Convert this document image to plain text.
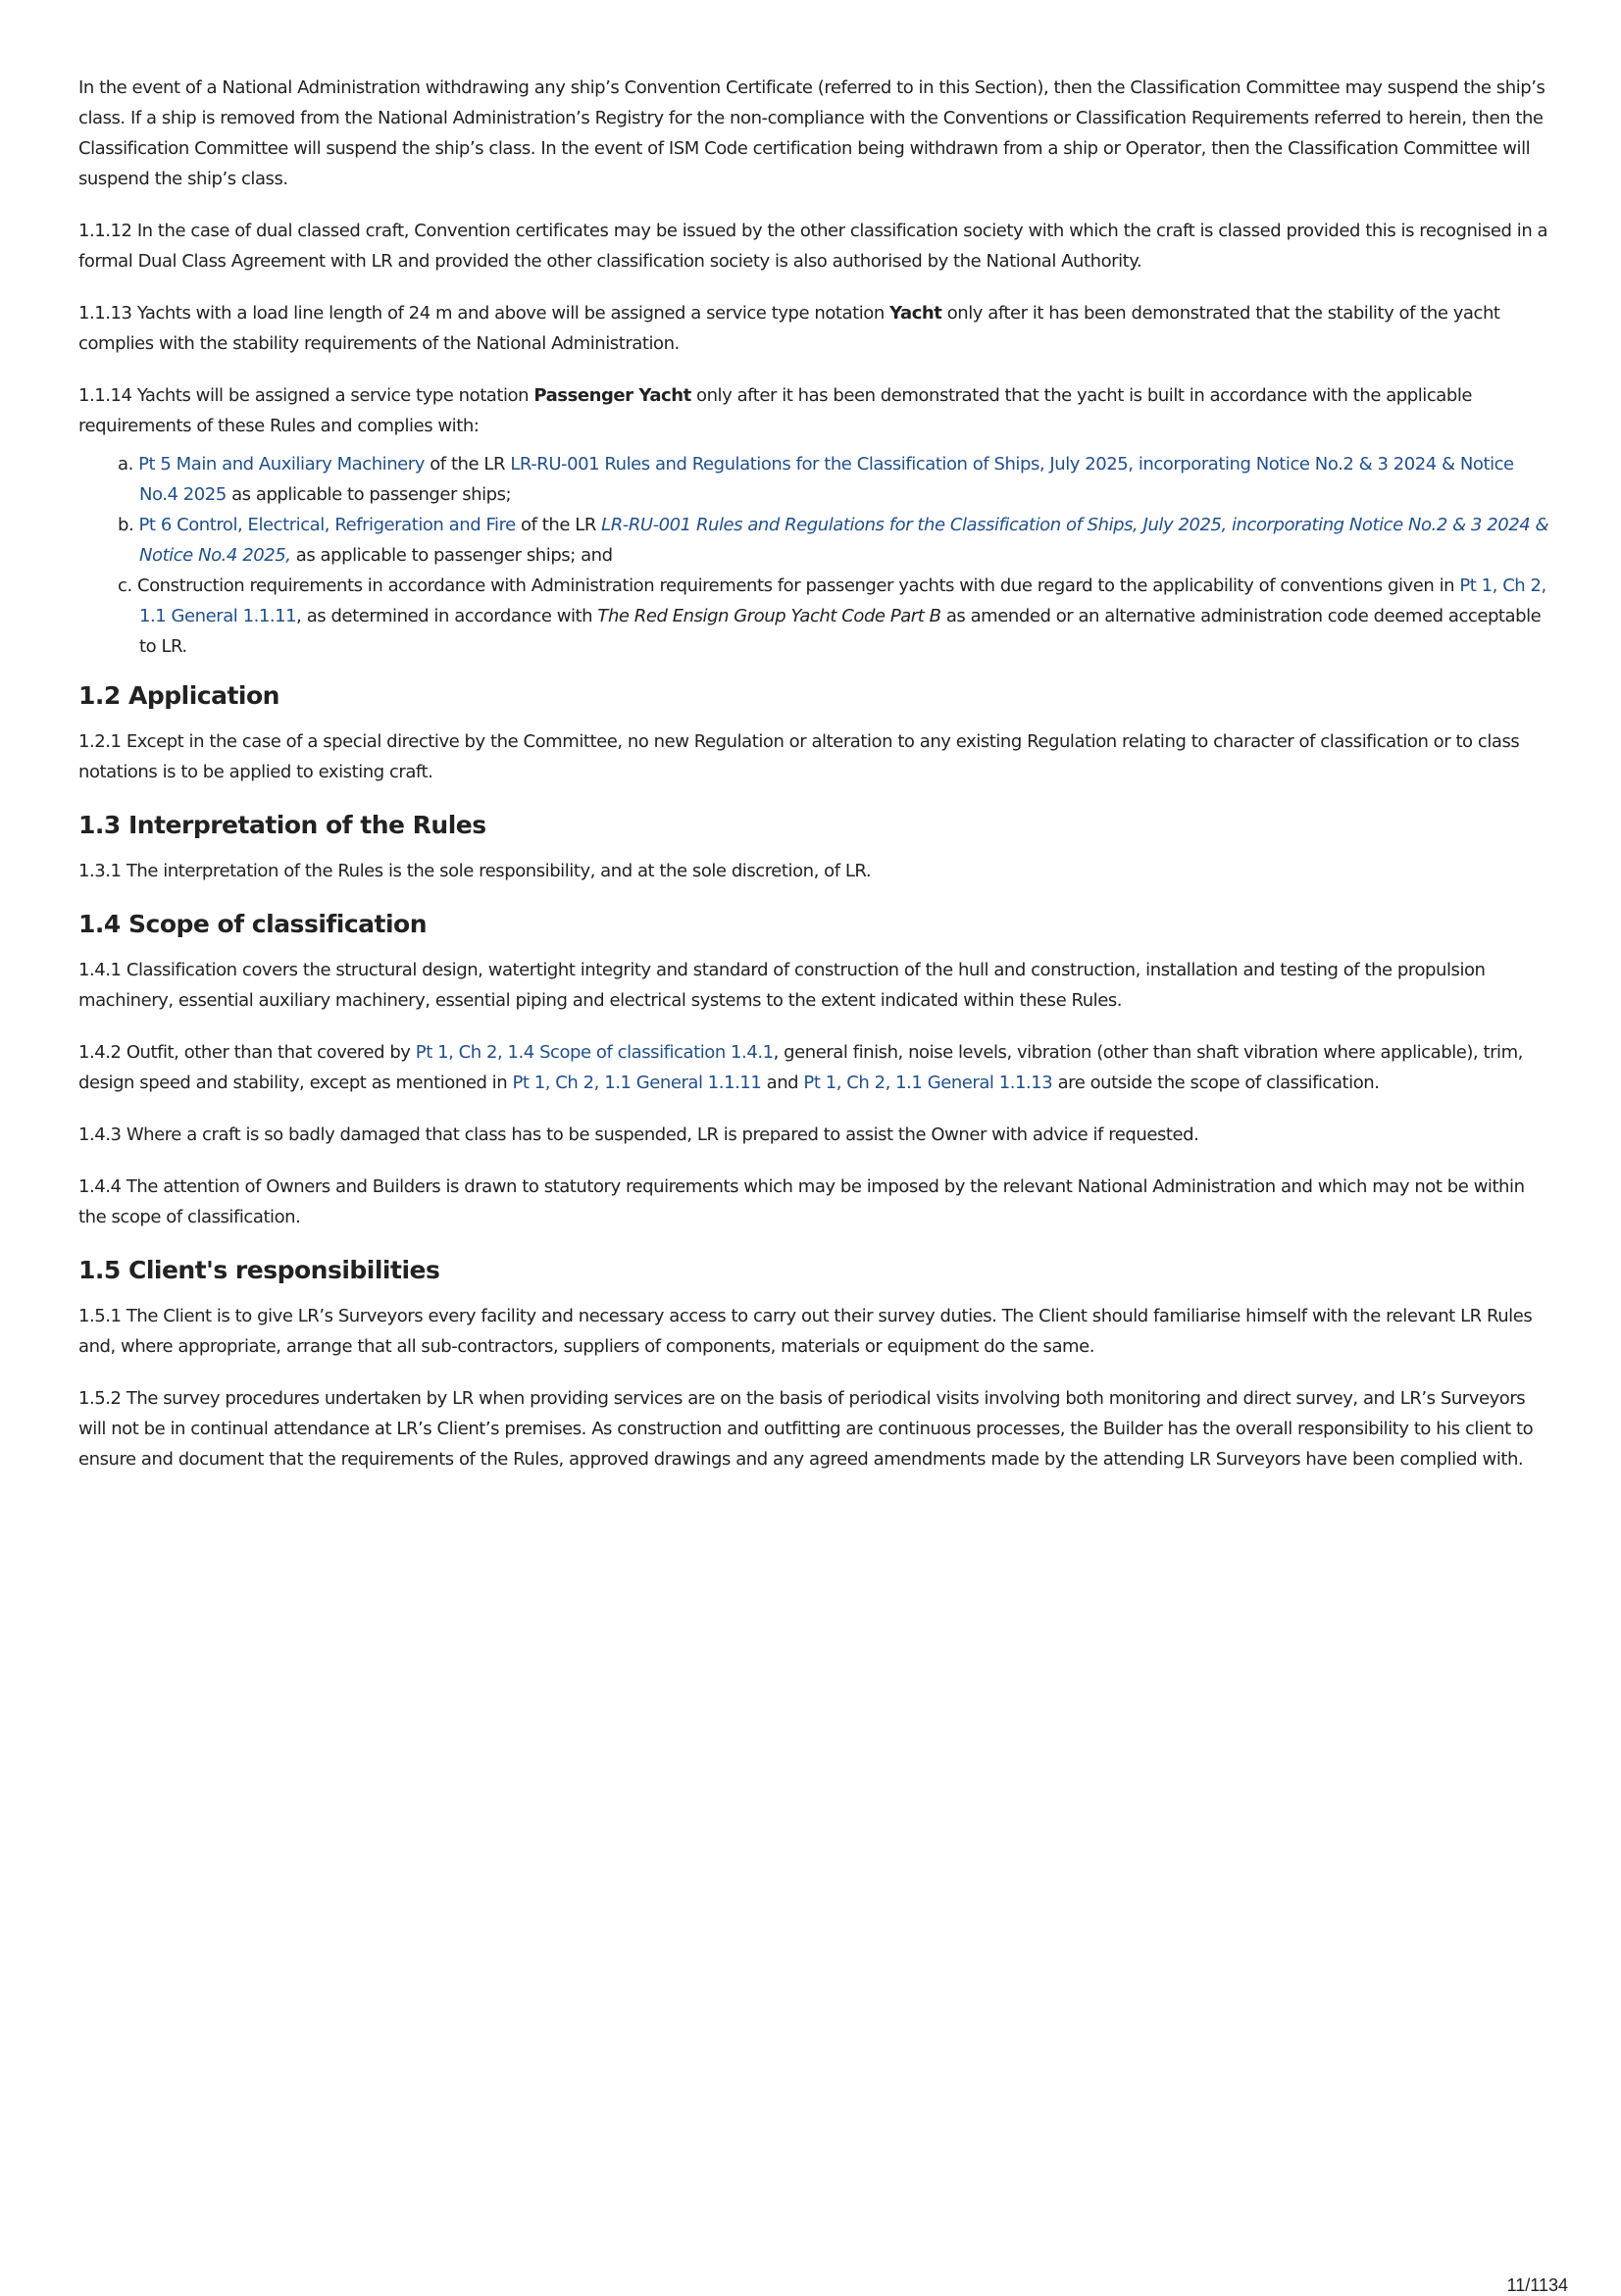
In the event of a National Administration withdrawing any ship’s Convention Certificate (referred to in this Section), then the Classification Committee may suspend the ship’s class. If a ship is removed from the National Administration’s Registry for the non-compliance with the Conventions or Classification Requirements referred to herein, then the Classification Committee will suspend the ship’s class. In the event of ISM Code certification being withdrawn from a ship or Operator, then the Classification Committee will suspend the ship’s class.

1.1.12 In the case of dual classed craft, Convention certificates may be issued by the other classification society with which the craft is classed provided this is recognised in a formal Dual Class Agreement with LR and provided the other classification society is also authorised by the National Authority.

1.1.13 Yachts with a load line length of 24 m and above will be assigned a service type notation Yacht only after it has been demonstrated that the stability of the yacht complies with the stability requirements of the National Administration.

1.1.14 Yachts will be assigned a service type notation Passenger Yacht only after it has been demonstrated that the yacht is built in accordance with the applicable requirements of these Rules and complies with:

a. Pt 5 Main and Auxiliary Machinery of the LR LR-RU-001 Rules and Regulations for the Classification of Ships, July 2025, incorporating Notice No.2 & 3 2024 & Notice No.4 2025 as applicable to passenger ships;
b. Pt 6 Control, Electrical, Refrigeration and Fire of the LR LR-RU-001 Rules and Regulations for the Classification of Ships, July 2025, incorporating Notice No.2 & 3 2024 & Notice No.4 2025, as applicable to passenger ships; and
c. Construction requirements in accordance with Administration requirements for passenger yachts with due regard to the applicability of conventions given in Pt 1, Ch 2, 1.1 General 1.1.11, as determined in accordance with The Red Ensign Group Yacht Code Part B as amended or an alternative administration code deemed acceptable to LR.
1.2 Application

1.2.1 Except in the case of a special directive by the Committee, no new Regulation or alteration to any existing Regulation relating to character of classification or to class notations is to be applied to existing craft.

1.3 Interpretation of the Rules

1.3.1 The interpretation of the Rules is the sole responsibility, and at the sole discretion, of LR.

1.4 Scope of classification

1.4.1 Classification covers the structural design, watertight integrity and standard of construction of the hull and construction, installation and testing of the propulsion machinery, essential auxiliary machinery, essential piping and electrical systems to the extent indicated within these Rules.

1.4.2 Outfit, other than that covered by Pt 1, Ch 2, 1.4 Scope of classification 1.4.1, general finish, noise levels, vibration (other than shaft vibration where applicable), trim, design speed and stability, except as mentioned in Pt 1, Ch 2, 1.1 General 1.1.11 and Pt 1, Ch 2, 1.1 General 1.1.13 are outside the scope of classification.

1.4.3 Where a craft is so badly damaged that class has to be suspended, LR is prepared to assist the Owner with advice if requested.

1.4.4 The attention of Owners and Builders is drawn to statutory requirements which may be imposed by the relevant National Administration and which may not be within the scope of classification.

1.5 Client's responsibilities

1.5.1 The Client is to give LR’s Surveyors every facility and necessary access to carry out their survey duties. The Client should familiarise himself with the relevant LR Rules and, where appropriate, arrange that all sub-contractors, suppliers of components, materials or equipment do the same.

1.5.2 The survey procedures undertaken by LR when providing services are on the basis of periodical visits involving both monitoring and direct survey, and LR’s Surveyors will not be in continual attendance at LR’s Client’s premises. As construction and outfitting are continuous processes, the Builder has the overall responsibility to his client to ensure and document that the requirements of the Rules, approved drawings and any agreed amendments made by the attending LR Surveyors have been complied with.

11/1134
